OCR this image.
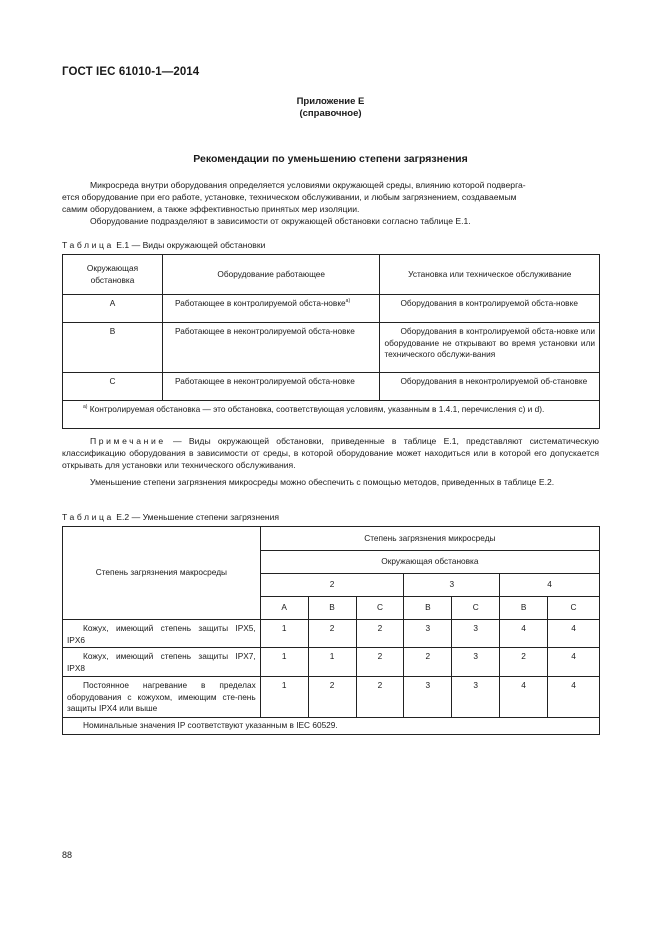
ГОСТ IEC 61010-1—2014
Приложение Е
(справочное)
Рекомендации по уменьшению степени загрязнения
Микросреда внутри оборудования определяется условиями окружающей среды, влиянию которой подверга-
ется оборудование при его работе, установке, техническом обслуживании, и любым загрязнением, создаваемым
самим оборудованием, а также эффективностью принятых мер изоляции.
Оборудование подразделяют в зависимости от окружающей обстановки согласно таблице Е.1.
Таблица Е.1 — Виды окружающей обстановки
Окружающая обстановка	Оборудование работающее	Установка или техническое обслуживание
А	Работающее в контролируемой обста-новке$^{а)}$	Оборудования в контролируемой обста-новке
В	Работающее в неконтролируемой обста-новке	Оборудования в контролируемой обста-новке или оборудование не открывают во время установки или технического обслужи-вания
С	Работающее в неконтролируемой обста-новке	Оборудования в неконтролируемой об-становке
$^{а)}$ Контролируемая обстановка — это обстановка, соответствующая условиям, указанным в 1.4.1, перечисления с) и d).		
Примечание — Виды окружающей обстановки, приведенные в таблице Е.1, представляют систематическую классификацию оборудования в зависимости от среды, в которой оборудование может находиться или в которой его допускается открывать для установки или технического обслуживания.
Уменьшение степени загрязнения микросреды можно обеспечить с помощью методов, приведенных в таблице Е.2.
Таблица Е.2 — Уменьшение степени загрязнения
Степень загрязнения макросреды	Степень загрязнения микросреды						
	Окружающая обстановка						
	2			3		4	
	А	В	С	В	С	В	С
Кожух, имеющий степень защиты IPX5, IPX6	1	2	2	3	3	4	4
Кожух, имеющий степень защиты IPX7, IPX8	1	1	2	2	3	2	4
Постоянное нагревание в пределах оборудования с кожухом, имеющим сте-пень защиты IPX4 или выше	1	2	2	3	3	4	4
Номинальные значения IP соответствуют указанным в IEC 60529.							
88
